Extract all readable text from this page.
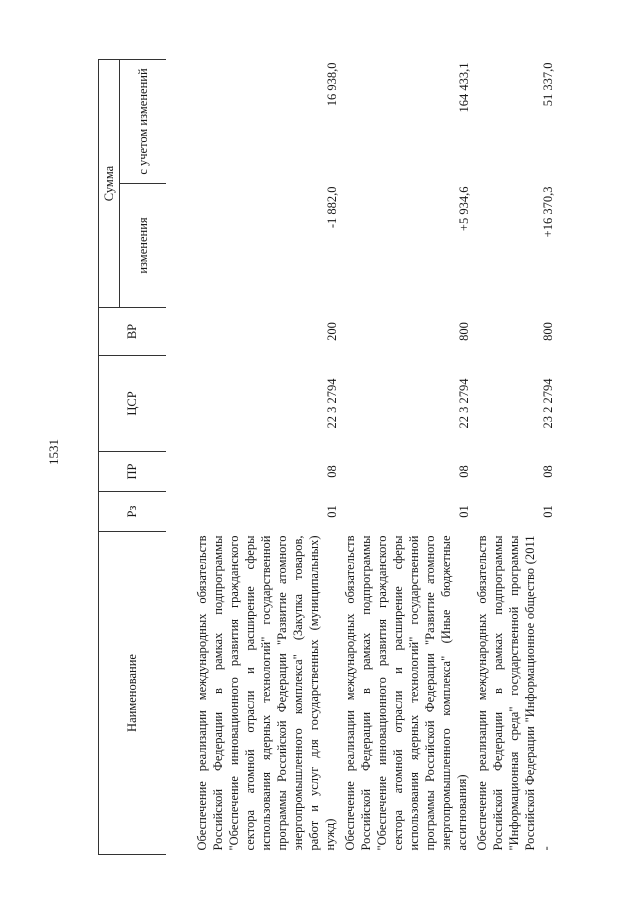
1531
Наименование	Рз	ПР	ЦСР	ВР	Сумма	
					изменения	с учетом изменений

Обеспечение реализации международных обязательств Российской Федерации в рамках подпрограммы "Обеспечение инновационного развития гражданского сектора атомной отрасли и расширение сферы использования ядерных технологий" государственной программы Российской Федерации "Развитие атомного энергопромышленного комплекса" (Закупка товаров, работ и услуг для государственных (муниципальных) нужд)	01	08	22 3 2794	200	-1 882,0	16 938,0
Обеспечение реализации международных обязательств Российской Федерации в рамках подпрограммы "Обеспечение инновационного развития гражданского сектора атомной отрасли и расширение сферы использования ядерных технологий" государственной программы Российской Федерации "Развитие атомного энергопромышленного комплекса" (Иные бюджетные ассигнования)	01	08	22 3 2794	800	+5 934,6	164 433,1
Обеспечение реализации международных обязательств Российской Федерации в рамках подпрограммы "Информационная среда" государственной программы Российской Федерации "Информационное общество (2011 -	01	08	23 2 2794	800	+16 370,3	51 337,0
